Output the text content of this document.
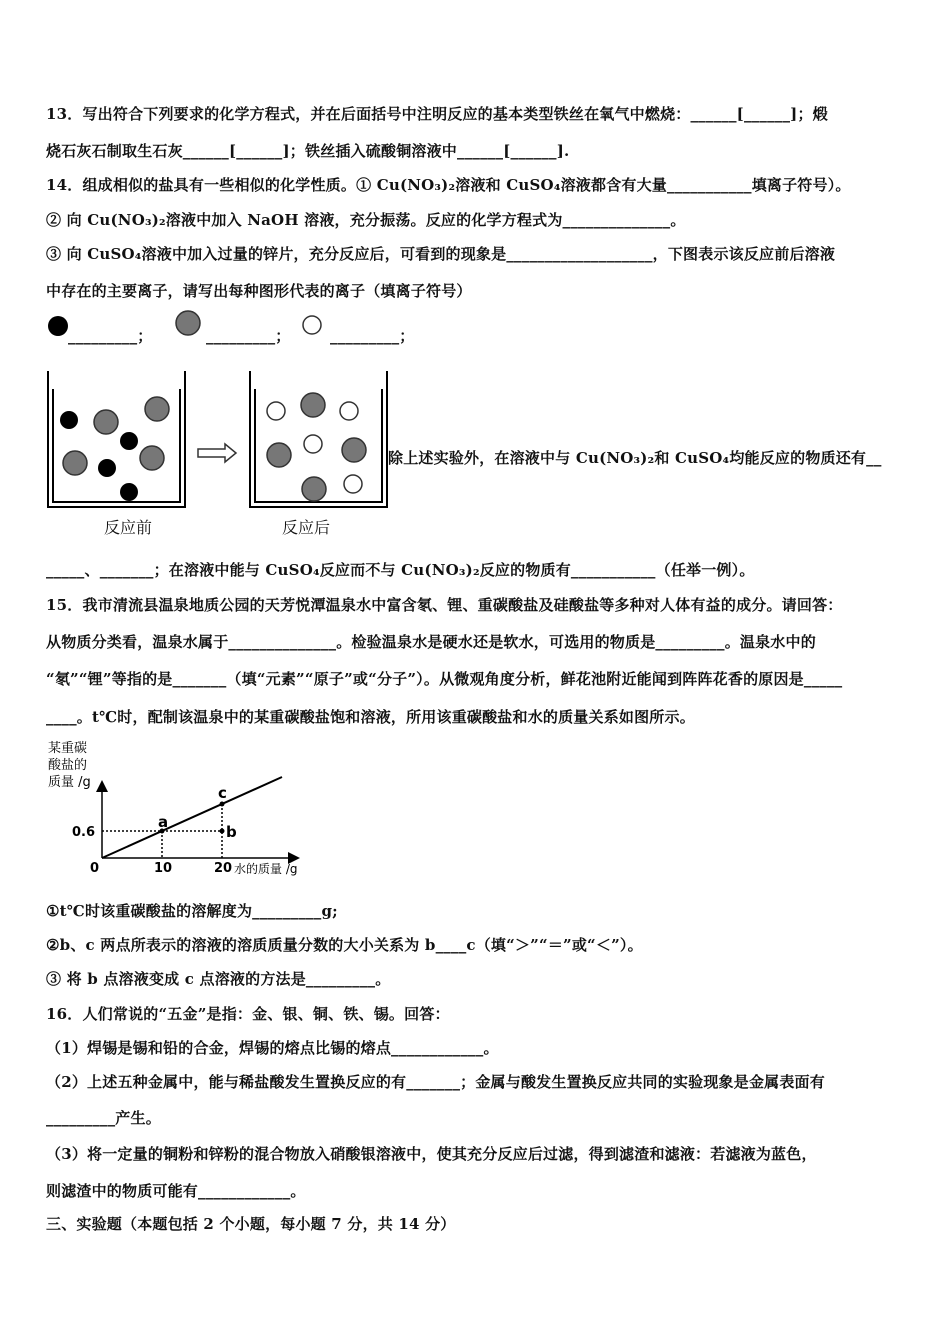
13．写出符合下列要求的化学方程式，并在后面括号中注明反应的基本类型铁丝在氧气中燃烧：______[______]；煅
烧石灰石制取生石灰______[______]；铁丝插入硫酸铜溶液中______[______].
14．组成相似的盐具有一些相似的化学性质。① Cu(NO₃)₂溶液和 CuSO₄溶液都含有大量___________填离子符号）。
② 向 Cu(NO₃)₂溶液中加入 NaOH 溶液，充分振荡。反应的化学方程式为______________。
③ 向 CuSO₄溶液中加入过量的锌片，充分反应后，可看到的现象是___________________，下图表示该反应前后溶液
中存在的主要离子，请写出每种图形代表的离子（填离子符号）
_________；	_________；	_________；
反应前	反应后
除上述实验外，在溶液中与 Cu(NO₃)₂和 CuSO₄均能反应的物质还有__
_____、_______；在溶液中能与 CuSO₄反应而不与 Cu(NO₃)₂反应的物质有___________（任举一例）。
15．我市清流县温泉地质公园的天芳悦潭温泉水中富含氡、锂、重碳酸盐及硅酸盐等多种对人体有益的成分。请回答：
从物质分类看，温泉水属于______________。检验温泉水是硬水还是软水，可选用的物质是_________。温泉水中的
“氡”“锂”等指的是_______（填“元素”“原子”或“分子”）。从微观角度分析，鲜花池附近能闻到阵阵花香的原因是_____
____。t℃时，配制该温泉中的某重碳酸盐饱和溶液，所用该重碳酸盐和水的质量关系如图所示。
a
b
c
0	10	20
0.6
某重碳
酸盐的
质量 /g
水的质量 /g
①t℃时该重碳酸盐的溶解度为_________g;
②b、c 两点所表示的溶液的溶质质量分数的大小关系为 b____c（填“＞”“＝”或“＜”）。
③ 将 b 点溶液变成 c 点溶液的方法是_________。
16．人们常说的“五金”是指：金、银、铜、铁、锡。回答：
（1）焊锡是锡和铅的合金，焊锡的熔点比锡的熔点____________。
（2）上述五种金属中，能与稀盐酸发生置换反应的有_______；金属与酸发生置换反应共同的实验现象是金属表面有
_________产生。
（3）将一定量的铜粉和锌粉的混合物放入硝酸银溶液中，使其充分反应后过滤，得到滤渣和滤液：若滤液为蓝色，
则滤渣中的物质可能有____________。
三、实验题（本题包括 2 个小题，每小题 7 分，共 14 分）
